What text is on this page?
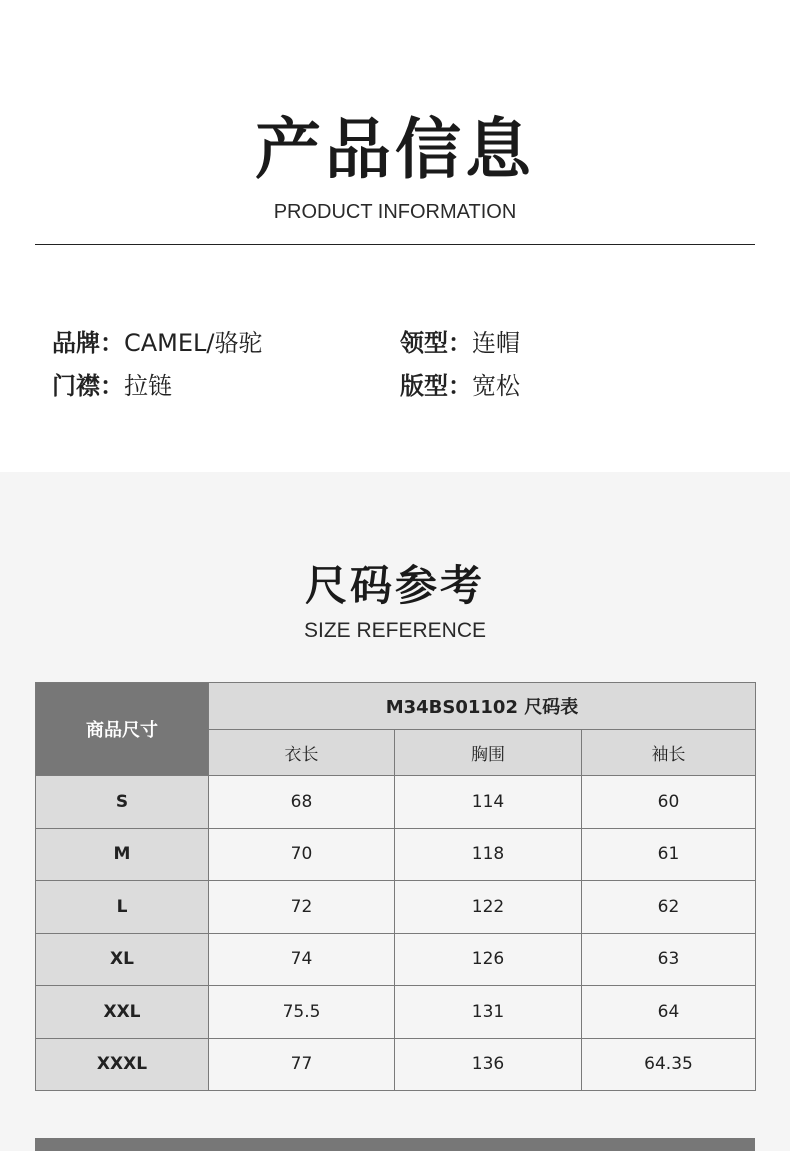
产品信息
PRODUCT INFORMATION
品牌：CAMEL/骆驼	领型：连帽
门襟：拉链	版型：宽松
尺码参考
SIZE REFERENCE
商品尺寸	M34BS01102 尺码表		
	衣长	胸围	袖长
S	68	114	60
M	70	118	61
L	72	122	62
XL	74	126	63
XXL	75.5	131	64
XXXL	77	136	64.35
